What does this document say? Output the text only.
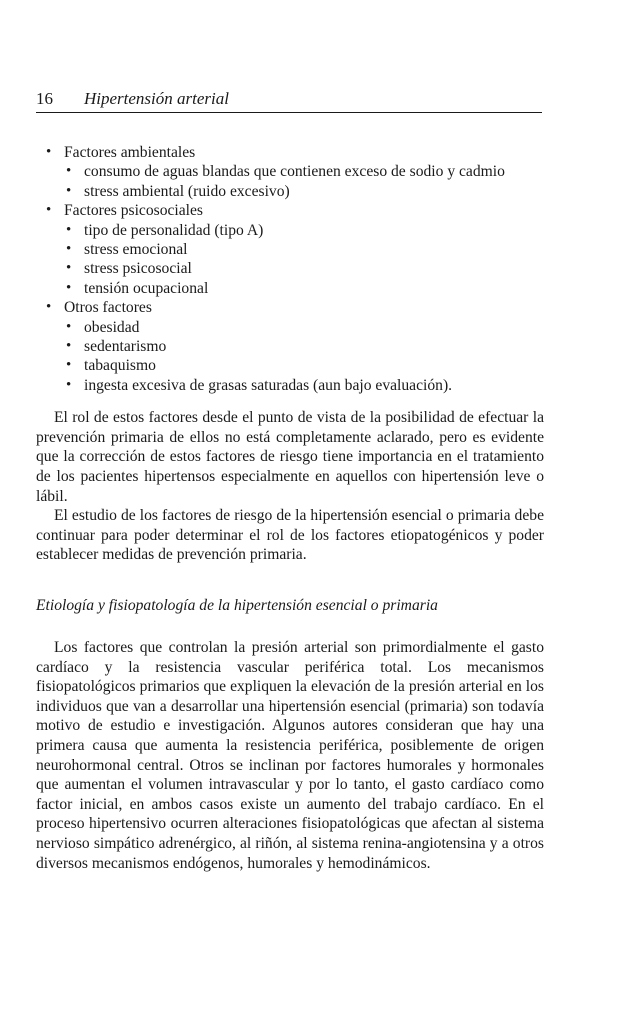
16	Hipertensión arterial
• Factores ambientales
• consumo de aguas blandas que contienen exceso de sodio y cadmio
• stress ambiental (ruido excesivo)
• Factores psicosociales
• tipo de personalidad (tipo A)
• stress emocional
• stress psicosocial
• tensión ocupacional
• Otros factores
• obesidad
• sedentarismo
• tabaquismo
• ingesta excesiva de grasas saturadas (aun bajo evaluación).

El rol de estos factores desde el punto de vista de la posibilidad de efectuar la prevención primaria de ellos no está completamente aclarado, pero es evidente que la corrección de estos factores de riesgo tiene importancia en el tratamiento de los pacientes hipertensos especialmente en aquellos con hipertensión leve o lábil.

El estudio de los factores de riesgo de la hipertensión esencial o primaria debe continuar para poder determinar el rol de los factores etiopatogénicos y poder establecer medidas de prevención primaria.

Etiología y fisiopatología de la hipertensión esencial o primaria

Los factores que controlan la presión arterial son primordialmente el gasto cardíaco y la resistencia vascular periférica total. Los mecanismos fisiopatológicos primarios que expliquen la elevación de la presión arterial en los individuos que van a desarrollar una hipertensión esencial (primaria) son todavía motivo de estudio e investigación. Algunos autores consideran que hay una primera causa que aumenta la resistencia periférica, posiblemente de origen neurohormonal central. Otros se inclinan por factores humorales y hormonales que aumentan el volumen intravascular y por lo tanto, el gasto cardíaco como factor inicial, en ambos casos existe un aumento del trabajo cardíaco. En el proceso hipertensivo ocurren alteraciones fisiopatológicas que afectan al sistema nervioso simpático adrenérgico, al riñón, al sistema renina-angiotensina y a otros diversos mecanismos endógenos, humorales y hemodinámicos.
